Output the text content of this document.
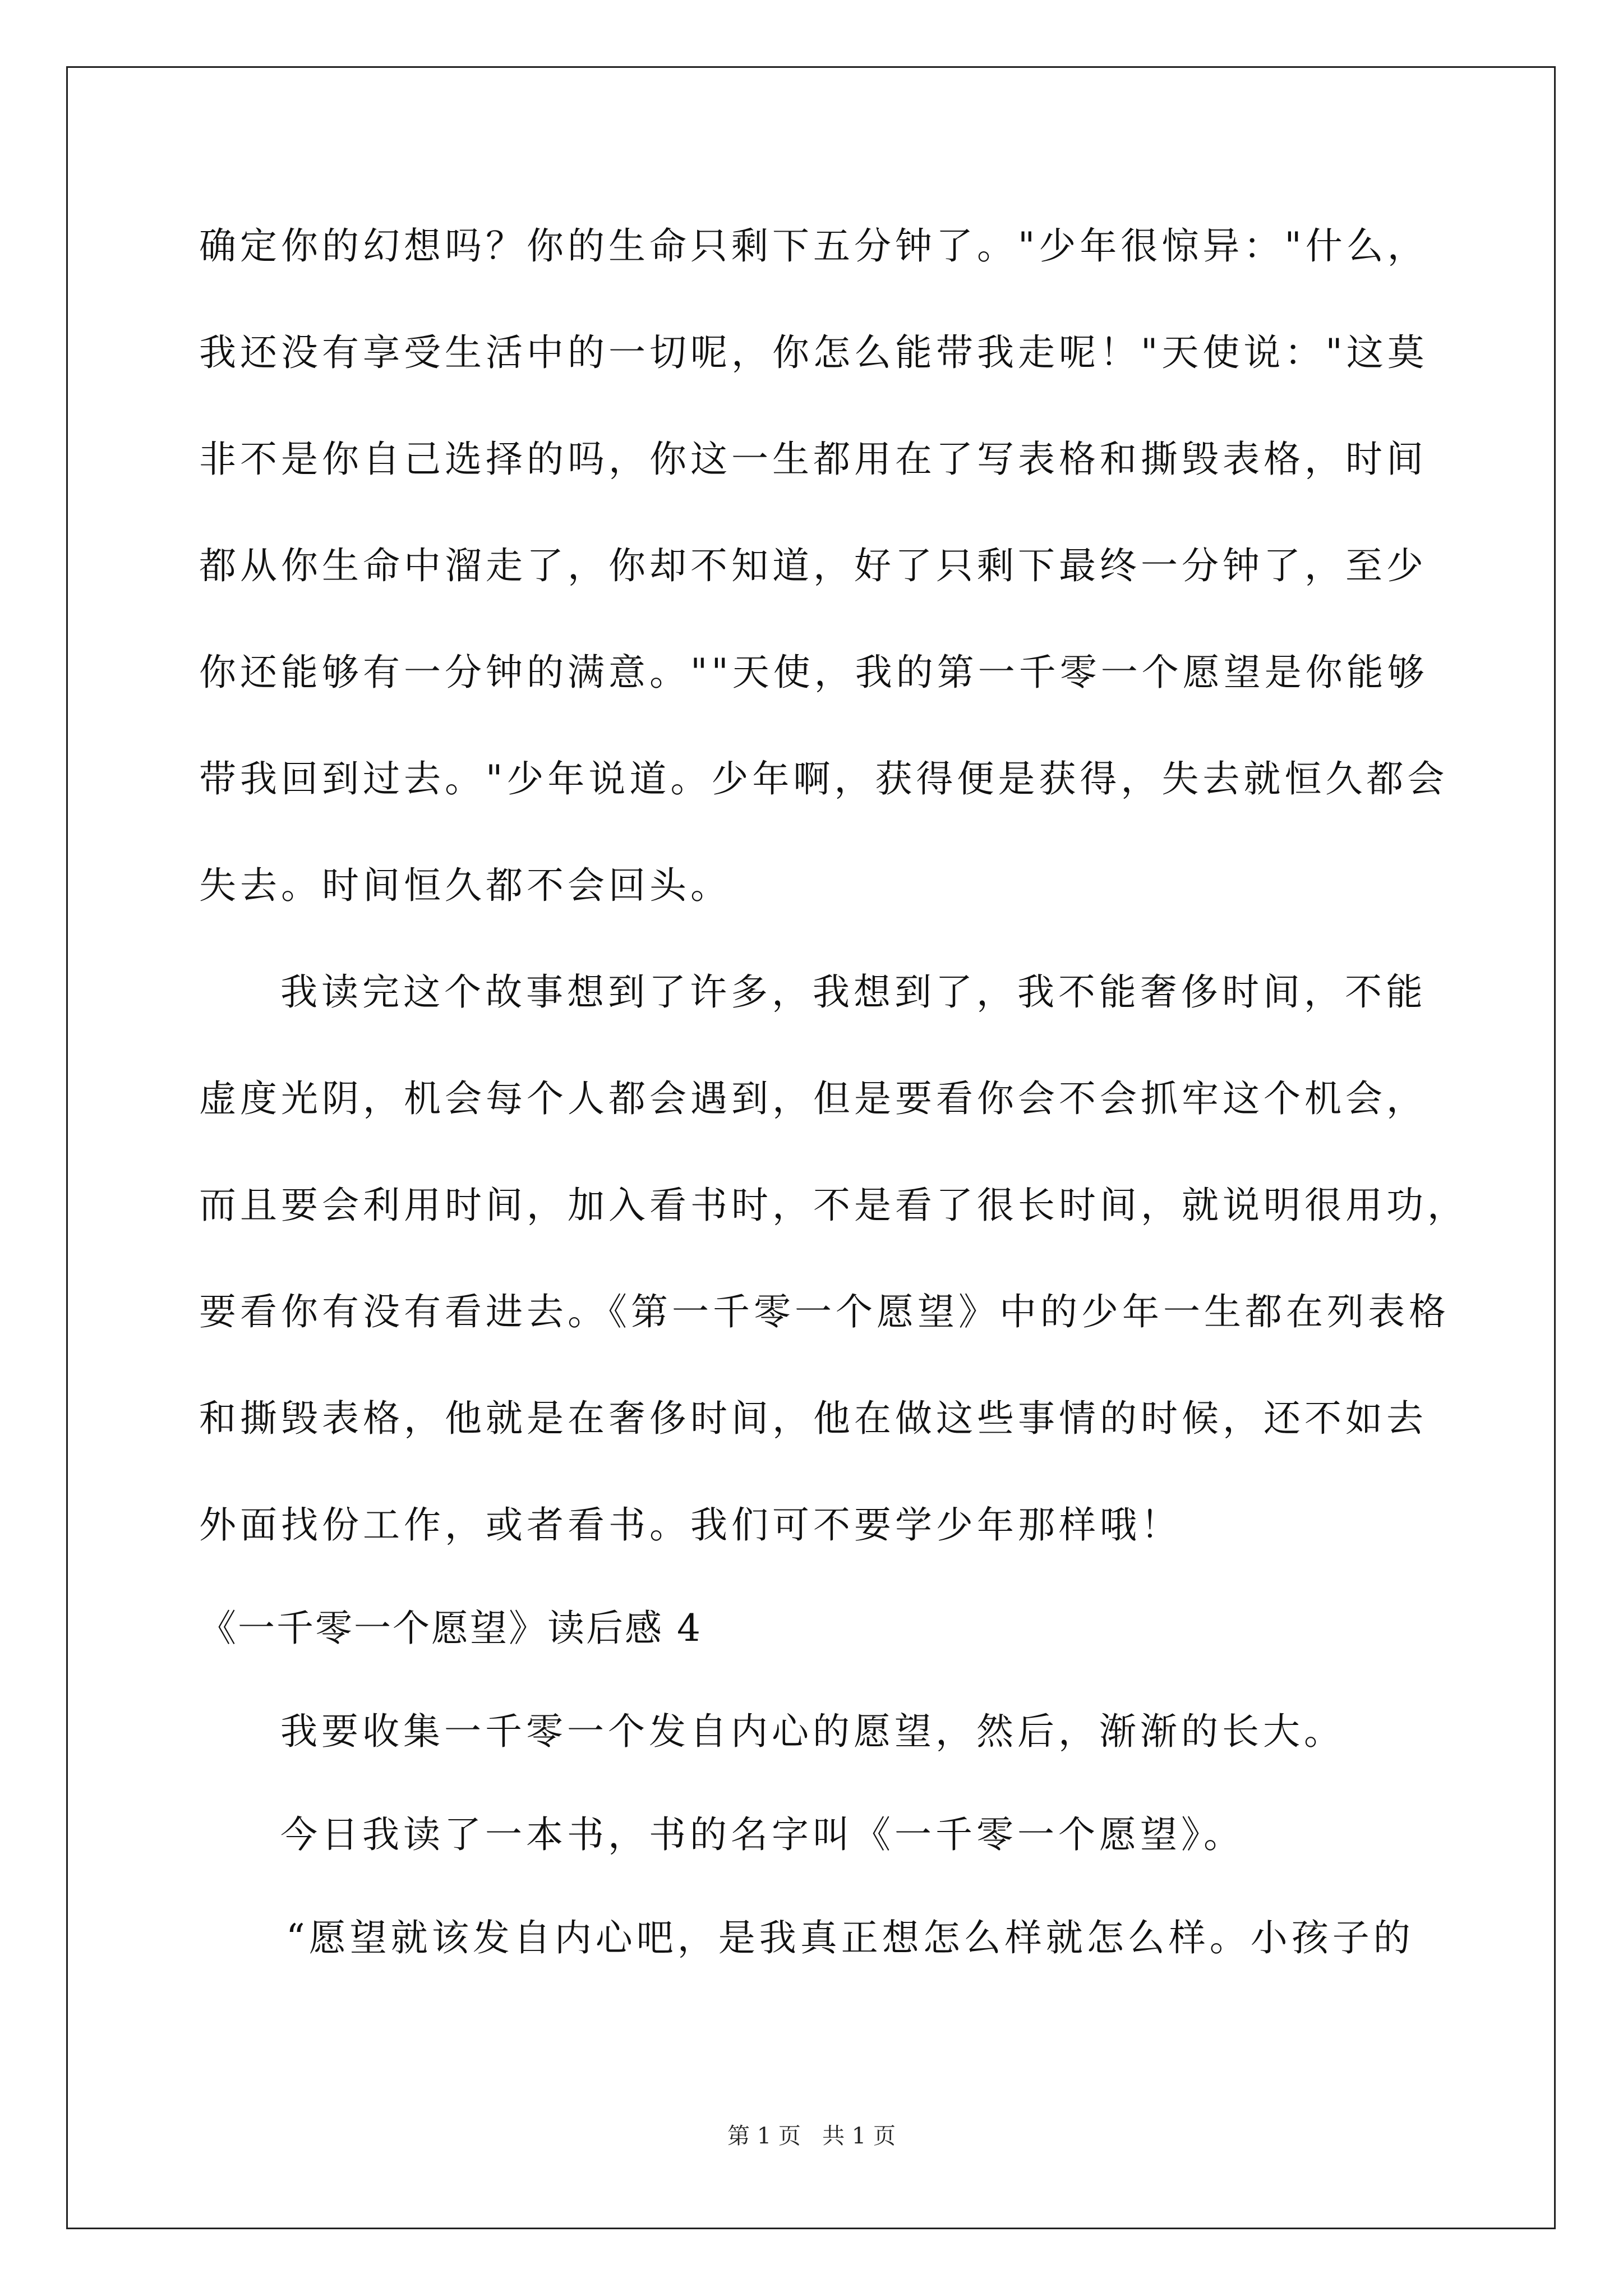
确定你的幻想吗？你的生命只剩下五分钟了。"少年很惊异："什么，
我还没有享受生活中的一切呢，你怎么能带我走呢！"天使说："这莫
非不是你自己选择的吗，你这一生都用在了写表格和撕毁表格，时间
都从你生命中溜走了，你却不知道，好了只剩下最终一分钟了，至少
你还能够有一分钟的满意。""天使，我的第一千零一个愿望是你能够
带我回到过去。"少年说道。少年啊，获得便是获得，失去就恒久都会
失去。时间恒久都不会回头。
我读完这个故事想到了许多，我想到了，我不能奢侈时间，不能
虚度光阴，机会每个人都会遇到，但是要看你会不会抓牢这个机会，
而且要会利用时间，加入看书时，不是看了很长时间，就说明很用功，
要看你有没有看进去。《第一千零一个愿望》中的少年一生都在列表格
和撕毁表格，他就是在奢侈时间，他在做这些事情的时候，还不如去
外面找份工作，或者看书。我们可不要学少年那样哦！
《一千零一个愿望》读后感 4
我要收集一千零一个发自内心的愿望，然后，渐渐的长大。
今日我读了一本书，书的名字叫《一千零一个愿望》。
“愿望就该发自内心吧，是我真正想怎么样就怎么样。小孩子的
第 1 页   共 1 页
